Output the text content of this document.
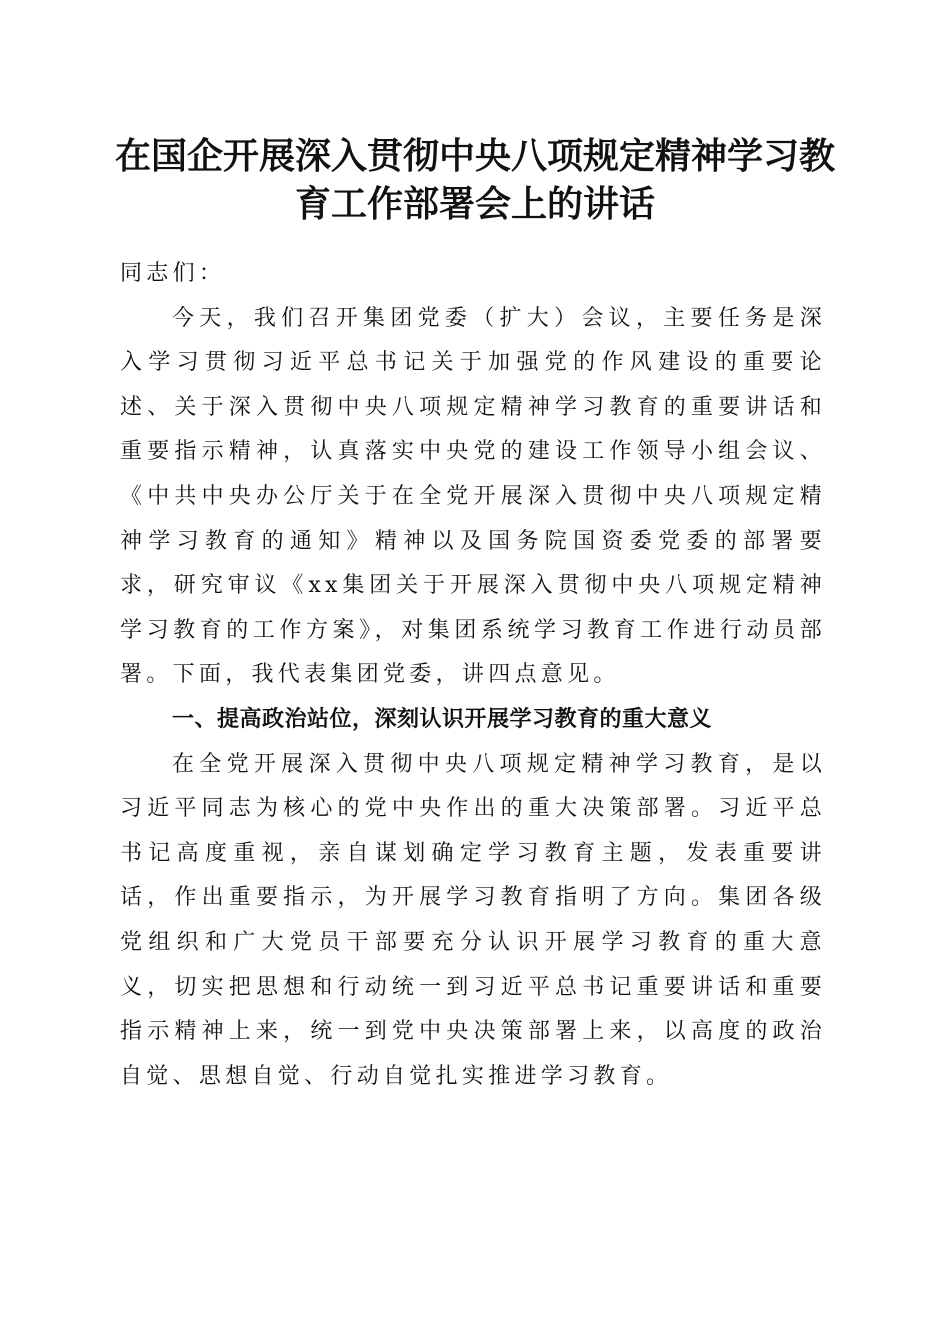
在国企开展深入贯彻中央八项规定精神学习教
育工作部署会上的讲话

同志们：

今天，我们召开集团党委（扩大）会议，主要任务是深入学习贯彻习近平总书记关于加强党的作风建设的重要论述、关于深入贯彻中央八项规定精神学习教育的重要讲话和重要指示精神，认真落实中央党的建设工作领导小组会议、《中共中央办公厅关于在全党开展深入贯彻中央八项规定精神学习教育的通知》精神以及国务院国资委党委的部署要求，研究审议《xx集团关于开展深入贯彻中央八项规定精神学习教育的工作方案》，对集团系统学习教育工作进行动员部署。下面，我代表集团党委，讲四点意见。

一、提高政治站位，深刻认识开展学习教育的重大意义

在全党开展深入贯彻中央八项规定精神学习教育，是以习近平同志为核心的党中央作出的重大决策部署。习近平总书记高度重视，亲自谋划确定学习教育主题，发表重要讲话，作出重要指示，为开展学习教育指明了方向。集团各级党组织和广大党员干部要充分认识开展学习教育的重大意义，切实把思想和行动统一到习近平总书记重要讲话和重要指示精神上来，统一到党中央决策部署上来，以高度的政治自觉、思想自觉、行动自觉扎实推进学习教育。
